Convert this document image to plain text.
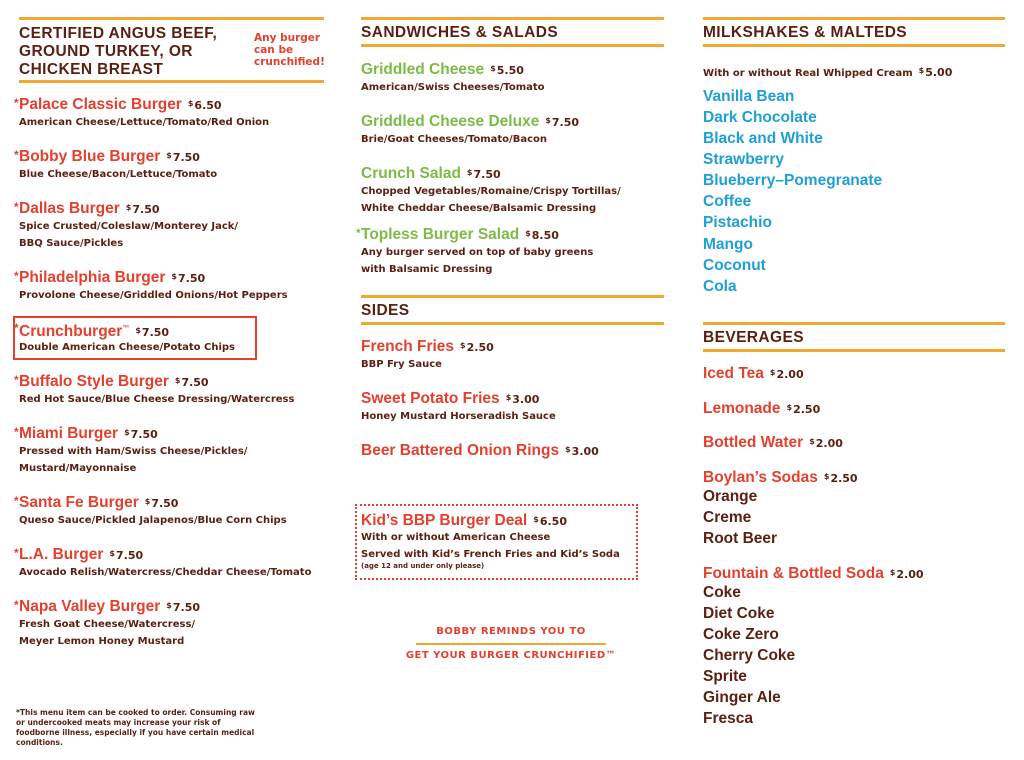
CERTIFIED ANGUS BEEF,
GROUND TURKEY, OR
CHICKEN BREAST
Any burger can be crunchified!
* Palace Classic Burger $6.50
American Cheese/Lettuce/Tomato/Red Onion
* Bobby Blue Burger $7.50
Blue Cheese/Bacon/Lettuce/Tomato
* Dallas Burger $7.50
Spice Crusted/Coleslaw/Monterey Jack/
BBQ Sauce/Pickles
* Philadelphia Burger $7.50
Provolone Cheese/Griddled Onions/Hot Peppers
* Crunchburger™ $7.50
Double American Cheese/Potato Chips
* Buffalo Style Burger $7.50
Red Hot Sauce/Blue Cheese Dressing/Watercress
* Miami Burger $7.50
Pressed with Ham/Swiss Cheese/Pickles/
Mustard/Mayonnaise
* Santa Fe Burger $7.50
Queso Sauce/Pickled Jalapenos/Blue Corn Chips
* L.A. Burger $7.50
Avocado Relish/Watercress/Cheddar Cheese/Tomato
* Napa Valley Burger $7.50
Fresh Goat Cheese/Watercress/
Meyer Lemon Honey Mustard
*This menu item can be cooked to order. Consuming raw or undercooked meats may increase your risk of foodborne illness, especially if you have certain medical conditions.
SANDWICHES & SALADS
Griddled Cheese $5.50
American/Swiss Cheeses/Tomato
Griddled Cheese Deluxe $7.50
Brie/Goat Cheeses/Tomato/Bacon
Crunch Salad $7.50
Chopped Vegetables/Romaine/Crispy Tortillas/
White Cheddar Cheese/Balsamic Dressing
* Topless Burger Salad $8.50
Any burger served on top of baby greens
with Balsamic Dressing
SIDES
French Fries $2.50
BBP Fry Sauce
Sweet Potato Fries $3.00
Honey Mustard Horseradish Sauce
Beer Battered Onion Rings $3.00
Kid’s BBP Burger Deal $6.50
With or without American Cheese
Served with Kid’s French Fries and Kid’s Soda
(age 12 and under only please)
BOBBY REMINDS YOU TO
GET YOUR BURGER CRUNCHIFIED™
MILKSHAKES & MALTEDS
With or without Real Whipped Cream $5.00
Vanilla Bean
Dark Chocolate
Black and White
Strawberry
Blueberry–Pomegranate
Coffee
Pistachio
Mango
Coconut
Cola
BEVERAGES
Iced Tea $2.00
Lemonade $2.50
Bottled Water $2.00
Boylan’s Sodas $2.50
Orange
Creme
Root Beer
Fountain & Bottled Soda $2.00
Coke
Diet Coke
Coke Zero
Cherry Coke
Sprite
Ginger Ale
Fresca
